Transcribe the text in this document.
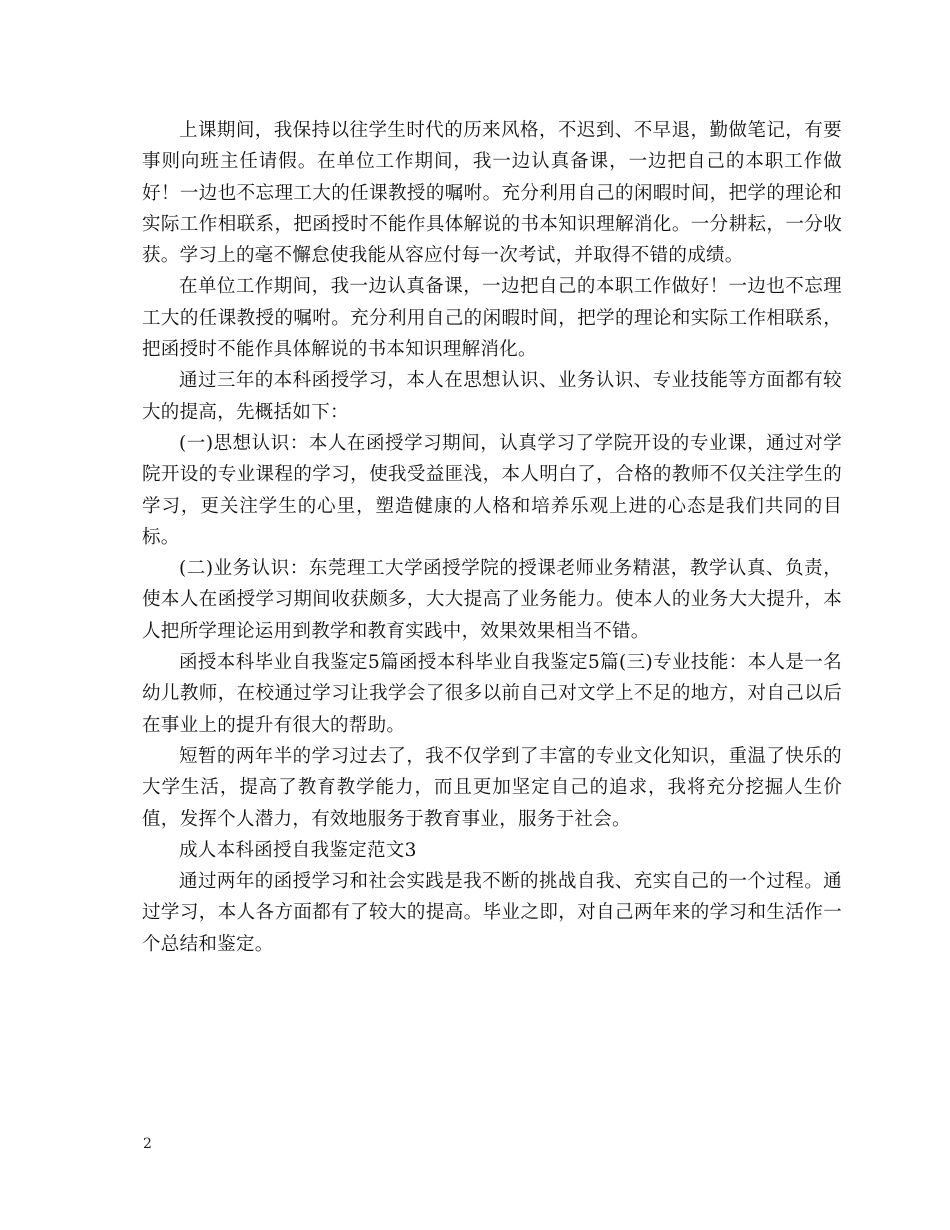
上课期间，我保持以往学生时代的历来风格，不迟到、不早退，勤做笔记，有要事则向班主任请假。在单位工作期间，我一边认真备课，一边把自己的本职工作做好！一边也不忘理工大的任课教授的嘱咐。充分利用自己的闲暇时间，把学的理论和实际工作相联系，把函授时不能作具体解说的书本知识理解消化。一分耕耘，一分收获。学习上的毫不懈怠使我能从容应付每一次考试，并取得不错的成绩。

在单位工作期间，我一边认真备课，一边把自己的本职工作做好！一边也不忘理工大的任课教授的嘱咐。充分利用自己的闲暇时间，把学的理论和实际工作相联系，把函授时不能作具体解说的书本知识理解消化。

通过三年的本科函授学习，本人在思想认识、业务认识、专业技能等方面都有较大的提高，先概括如下：

(一)思想认识：本人在函授学习期间，认真学习了学院开设的专业课，通过对学院开设的专业课程的学习，使我受益匪浅，本人明白了，合格的教师不仅关注学生的学习，更关注学生的心里，塑造健康的人格和培养乐观上进的心态是我们共同的目标。

(二)业务认识：东莞理工大学函授学院的授课老师业务精湛，教学认真、负责，使本人在函授学习期间收获颇多，大大提高了业务能力。使本人的业务大大提升，本人把所学理论运用到教学和教育实践中，效果效果相当不错。

函授本科毕业自我鉴定5篇函授本科毕业自我鉴定5篇(三)专业技能：本人是一名幼儿教师，在校通过学习让我学会了很多以前自己对文学上不足的地方，对自己以后在事业上的提升有很大的帮助。

短暂的两年半的学习过去了，我不仅学到了丰富的专业文化知识，重温了快乐的大学生活，提高了教育教学能力，而且更加坚定自己的追求，我将充分挖掘人生价值，发挥个人潜力，有效地服务于教育事业，服务于社会。

成人本科函授自我鉴定范文3

通过两年的函授学习和社会实践是我不断的挑战自我、充实自己的一个过程。通过学习，本人各方面都有了较大的提高。毕业之即，对自己两年来的学习和生活作一个总结和鉴定。

2
